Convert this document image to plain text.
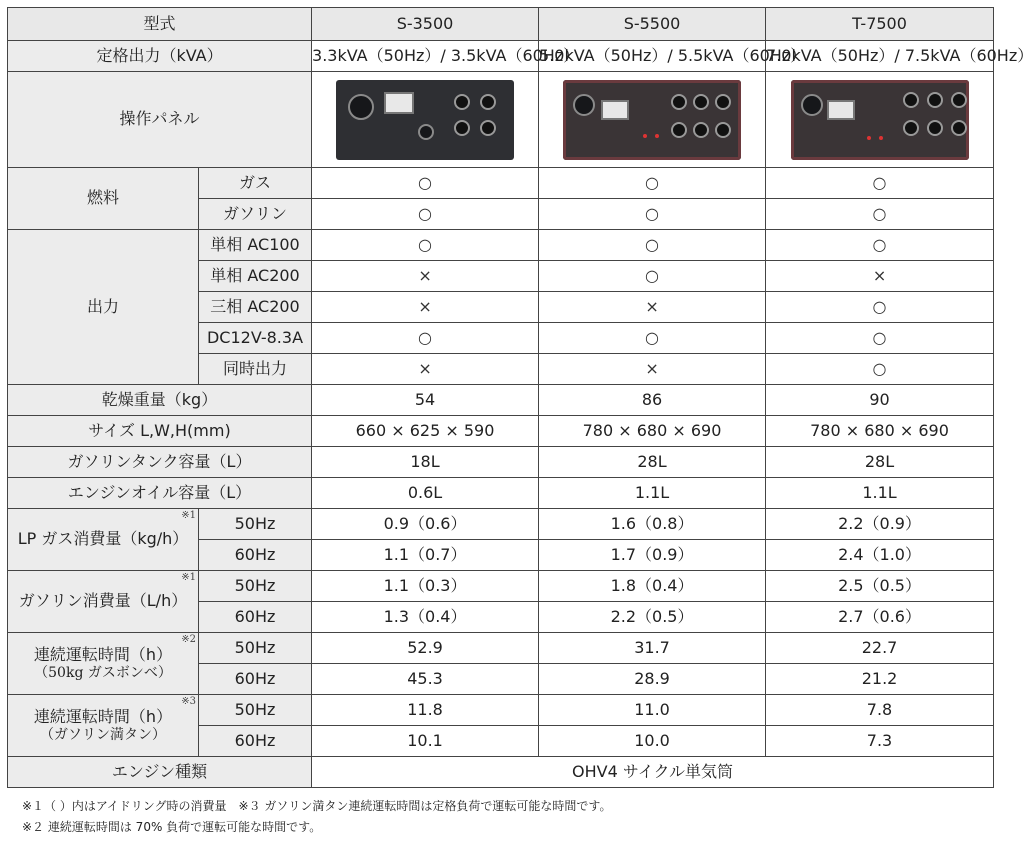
型式		S-3500	S-5500	T-7500
定格出力（kVA）		3.3kVA（50Hz）/ 3.5kVA（60Hz）	5.0kVA（50Hz）/ 5.5kVA（60Hz）	7.0kVA（50Hz）/ 7.5kVA（60Hz）
操作パネル		

燃料	ガス	○	○	○
	ガソリン	○	○	○
出力	単相 AC100	○	○	○
	単相 AC200	×	○	×
	三相 AC200	×	×	○
	DC12V-8.3A	○	○	○
	同時出力	×	×	○
乾燥重量（kg）		54	86	90
サイズ L,W,H(mm)		660 × 625 × 590	780 × 680 × 690	780 × 680 × 690
ガソリンタンク容量（L）		18L	28L	28L
エンジンオイル容量（L）		0.6L	1.1L	1.1L

※1
LP ガス消費量（kg/h）	50Hz	0.9（0.6）	1.6（0.8）	2.2（0.9）
	60Hz	1.1（0.7）	1.7（0.9）	2.4（1.0）

※1
ガソリン消費量（L/h）	50Hz	1.1（0.3）	1.8（0.4）	2.5（0.5）
	60Hz	1.3（0.4）	2.2（0.5）	2.7（0.6）

※2
連続運転時間（h）
（50kg ガスボンベ）	50Hz	52.9	31.7	22.7
	60Hz	45.3	28.9	21.2

※3
連続運転時間（h）
（ガソリン満タン）	50Hz	11.8	11.0	7.8
	60Hz	10.1	10.0	7.3
エンジン種類		OHV4 サイクル単気筒		
※１（ ）内はアイドリング時の消費量　※３ ガソリン満タン連続運転時間は定格負荷で運転可能な時間です。
※２ 連続運転時間は 70% 負荷で運転可能な時間です。
